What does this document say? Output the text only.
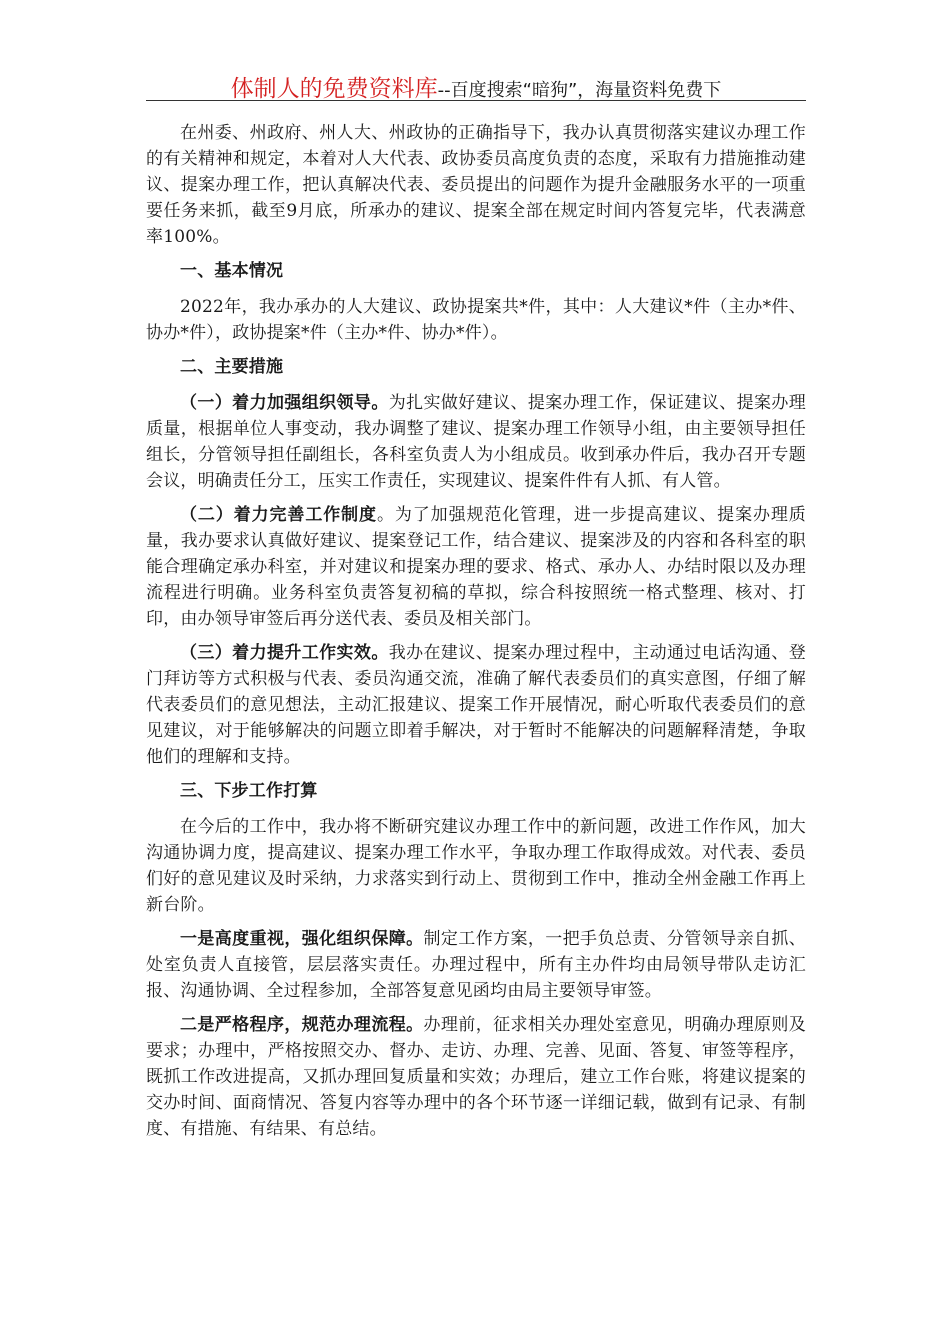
体制人的免费资料库--百度搜索“暗狗”，海量资料免费下

在州委、州政府、州人大、州政协的正确指导下，我办认真贯彻落实建议办理工作的有关精神和规定，本着对人大代表、政协委员高度负责的态度，采取有力措施推动建议、提案办理工作，把认真解决代表、委员提出的问题作为提升金融服务水平的一项重要任务来抓，截至9月底，所承办的建议、提案全部在规定时间内答复完毕，代表满意率100%。

一、基本情况

2022年，我办承办的人大建议、政协提案共*件，其中：人大建议*件（主办*件、协办*件），政协提案*件（主办*件、协办*件）。

二、主要措施

（一）着力加强组织领导。为扎实做好建议、提案办理工作，保证建议、提案办理质量，根据单位人事变动，我办调整了建议、提案办理工作领导小组，由主要领导担任组长，分管领导担任副组长，各科室负责人为小组成员。收到承办件后，我办召开专题会议，明确责任分工，压实工作责任，实现建议、提案件件有人抓、有人管。

（二）着力完善工作制度。为了加强规范化管理，进一步提高建议、提案办理质量，我办要求认真做好建议、提案登记工作，结合建议、提案涉及的内容和各科室的职能合理确定承办科室，并对建议和提案办理的要求、格式、承办人、办结时限以及办理流程进行明确。业务科室负责答复初稿的草拟，综合科按照统一格式整理、核对、打印，由办领导审签后再分送代表、委员及相关部门。

（三）着力提升工作实效。我办在建议、提案办理过程中，主动通过电话沟通、登门拜访等方式积极与代表、委员沟通交流，准确了解代表委员们的真实意图，仔细了解代表委员们的意见想法，主动汇报建议、提案工作开展情况，耐心听取代表委员们的意见建议，对于能够解决的问题立即着手解决，对于暂时不能解决的问题解释清楚，争取他们的理解和支持。

三、下步工作打算

在今后的工作中，我办将不断研究建议办理工作中的新问题，改进工作作风，加大沟通协调力度，提高建议、提案办理工作水平，争取办理工作取得成效。对代表、委员们好的意见建议及时采纳，力求落实到行动上、贯彻到工作中，推动全州金融工作再上新台阶。

一是高度重视，强化组织保障。制定工作方案，一把手负总责、分管领导亲自抓、处室负责人直接管，层层落实责任。办理过程中，所有主办件均由局领导带队走访汇报、沟通协调、全过程参加，全部答复意见函均由局主要领导审签。

二是严格程序，规范办理流程。办理前，征求相关办理处室意见，明确办理原则及要求；办理中，严格按照交办、督办、走访、办理、完善、见面、答复、审签等程序，既抓工作改进提高，又抓办理回复质量和实效；办理后，建立工作台账，将建议提案的交办时间、面商情况、答复内容等办理中的各个环节逐一详细记载，做到有记录、有制度、有措施、有结果、有总结。
